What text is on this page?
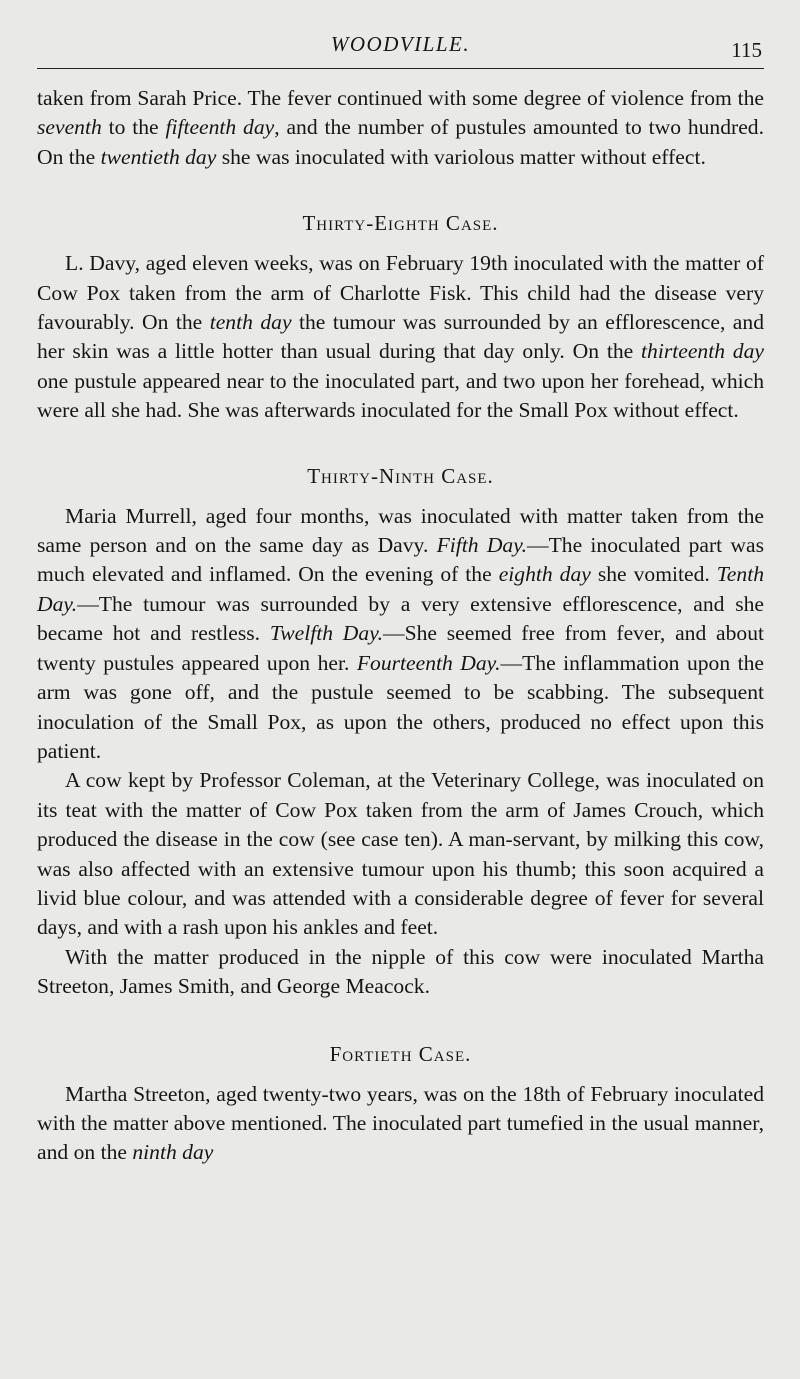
WOODVILLE.	115

taken from Sarah Price. The fever continued with some degree of violence from the seventh to the fifteenth day, and the number of pustules amounted to two hundred. On the twentieth day she was inoculated with variolous matter without effect.

Thirty-Eighth Case.

L. Davy, aged eleven weeks, was on February 19th inoculated with the matter of Cow Pox taken from the arm of Charlotte Fisk. This child had the disease very favourably. On the tenth day the tumour was surrounded by an efflorescence, and her skin was a little hotter than usual during that day only. On the thirteenth day one pustule appeared near to the inoculated part, and two upon her forehead, which were all she had. She was afterwards inoculated for the Small Pox without effect.

Thirty-Ninth Case.

Maria Murrell, aged four months, was inoculated with matter taken from the same person and on the same day as Davy. Fifth Day.—The inoculated part was much elevated and inflamed. On the evening of the eighth day she vomited. Tenth Day.—The tumour was surrounded by a very extensive efflorescence, and she became hot and restless. Twelfth Day.—She seemed free from fever, and about twenty pustules appeared upon her. Fourteenth Day.—The inflammation upon the arm was gone off, and the pustule seemed to be scabbing. The subsequent inoculation of the Small Pox, as upon the others, produced no effect upon this patient.

A cow kept by Professor Coleman, at the Veterinary College, was inoculated on its teat with the matter of Cow Pox taken from the arm of James Crouch, which produced the disease in the cow (see case ten). A man-servant, by milking this cow, was also affected with an extensive tumour upon his thumb; this soon acquired a livid blue colour, and was attended with a considerable degree of fever for several days, and with a rash upon his ankles and feet.

With the matter produced in the nipple of this cow were inoculated Martha Streeton, James Smith, and George Meacock.

Fortieth Case.

Martha Streeton, aged twenty-two years, was on the 18th of February inoculated with the matter above mentioned. The inoculated part tumefied in the usual manner, and on the ninth day
